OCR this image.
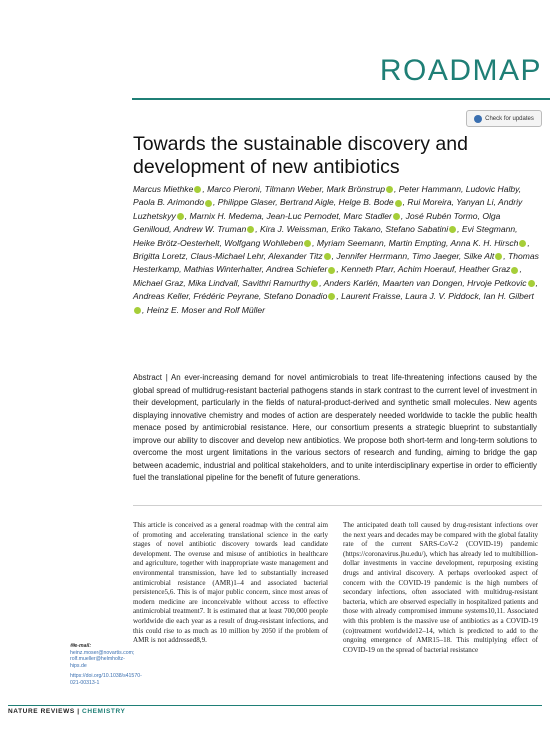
ROADMAP
Check for updates
Towards the sustainable discovery and development of new antibiotics
Marcus Miethke , Marco Pieroni, Tilmann Weber, Mark Brönstrup , Peter Hammann, Ludovic Halby, Paola B. Arimondo , Philippe Glaser, Bertrand Aigle, Helge B. Bode , Rui Moreira, Yanyan Li, Andriy Luzhetskyy , Marnix H. Medema, Jean-Luc Pernodet, Marc Stadler , José Rubén Tormo, Olga Genilloud, Andrew W. Truman , Kira J. Weissman, Eriko Takano, Stefano Sabatini , Evi Stegmann, Heike Brötz-Oesterhelt, Wolfgang Wohlleben , Myriam Seemann, Martin Empting, Anna K. H. Hirsch , Brigitta Loretz, Claus-Michael Lehr, Alexander Titz , Jennifer Herrmann, Timo Jaeger, Silke Alt , Thomas Hesterkamp, Mathias Winterhalter, Andrea Schiefer , Kenneth Pfarr, Achim Hoerauf, Heather Graz , Michael Graz, Mika Lindvall, Savithri Ramurthy , Anders Karlén, Maarten van Dongen, Hrvoje Petkovic , Andreas Keller, Frédéric Peyrane, Stefano Donadio , Laurent Fraisse, Laura J. V. Piddock, Ian H. Gilbert, Heinz E. Moser and Rolf Müller
Abstract | An ever-increasing demand for novel antimicrobials to treat life-threatening infections caused by the global spread of multidrug-resistant bacterial pathogens stands in stark contrast to the current level of investment in their development, particularly in the fields of natural-product-derived and synthetic small molecules. New agents displaying innovative chemistry and modes of action are desperately needed worldwide to tackle the public health menace posed by antimicrobial resistance. Here, our consortium presents a strategic blueprint to substantially improve our ability to discover and develop new antibiotics. We propose both short-term and long-term solutions to overcome the most urgent limitations in the various sectors of research and funding, aiming to bridge the gap between academic, industrial and political stakeholders, and to unite interdisciplinary expertise in order to efficiently fuel the translational pipeline for the benefit of future generations.
This article is conceived as a general roadmap with the central aim of promoting and accelerating translational science in the early stages of novel antibiotic discovery towards lead candidate development. The overuse and misuse of antibiotics in healthcare and agriculture, together with inappropriate waste management and environmental transmission, have led to substantially increased antimicrobial resistance (AMR)1–4 and associated bacterial persistence5,6. This is of major public concern, since most areas of modern medicine are inconceivable without access to effective antimicrobial treatment7. It is estimated that at least 700,000 people worldwide die each year as a result of drug-resistant infections, and this could rise to as much as 10 million by 2050 if the problem of AMR is not addressed8,9.
The anticipated death toll caused by drug-resistant infections over the next years and decades may be compared with the global fatality rate of the current SARS-CoV-2 (COVID-19) pandemic (https://coronavirus.jhu.edu/), which has already led to multibillion-dollar investments in vaccine development, repurposing existing drugs and antiviral discovery. A perhaps overlooked aspect of concern with the COVID-19 pandemic is the high numbers of secondary infections, often associated with multidrug-resistant bacteria, which are observed especially in hospitalized patients and those with already compromised immune systems10,11. Associated with this problem is the massive use of antibiotics as a COVID-19 (co)treatment worldwide12–14, which is predicted to add to the ongoing emergence of AMR15–18. This multiplying effect of COVID-19 on the spread of bacterial resistance
✉e-mail: heinz.moser@novartis.com; rolf.mueller@helmholtz-hips.de
https://doi.org/10.1038/s41570-021-00313-1
NATURE REVIEWS | CHEMISTRY
